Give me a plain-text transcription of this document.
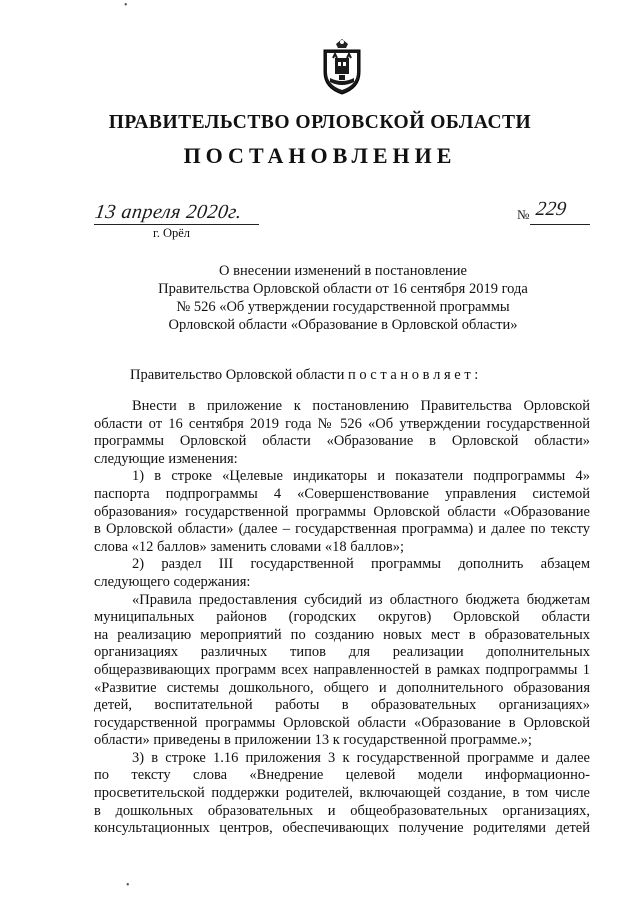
•
ПРАВИТЕЛЬСТВО ОРЛОВСКОЙ ОБЛАСТИ
ПОСТАНОВЛЕНИЕ
13 апреля 2020г.
г. Орёл
№ 229
О внесении изменений в постановление
Правительства Орловской области от 16 сентября 2019 года
№ 526 «Об утверждении государственной программы
Орловской области «Образование в Орловской области»
Правительство Орловской области п о с т а н о в л я е т :
Внести в приложение к постановлению Правительства Орловской
области от 16 сентября 2019 года № 526 «Об утверждении государственной
программы Орловской области «Образование в Орловской области»
следующие изменения:
1) в строке «Целевые индикаторы и показатели подпрограммы 4»
паспорта подпрограммы 4 «Совершенствование управления системой
образования» государственной программы Орловской области «Образование
в Орловской области» (далее – государственная программа) и далее по тексту
слова «12 баллов» заменить словами «18 баллов»;
2) раздел III государственной программы дополнить абзацем
следующего содержания:
«Правила предоставления субсидий из областного бюджета бюджетам
муниципальных районов (городских округов) Орловской области
на реализацию мероприятий по созданию новых мест в образовательных
организациях различных типов для реализации дополнительных
общеразвивающих программ всех направленностей в рамках подпрограммы 1
«Развитие системы дошкольного, общего и дополнительного образования
детей, воспитательной работы в образовательных организациях»
государственной программы Орловской области «Образование в Орловской
области» приведены в приложении 13 к государственной программе.»;
3) в строке 1.16 приложения 3 к государственной программе и далее
по тексту слова «Внедрение целевой модели информационно-
просветительской поддержки родителей, включающей создание, в том числе
в дошкольных образовательных и общеобразовательных организациях,
консультационных центров, обеспечивающих получение родителями детей
•
